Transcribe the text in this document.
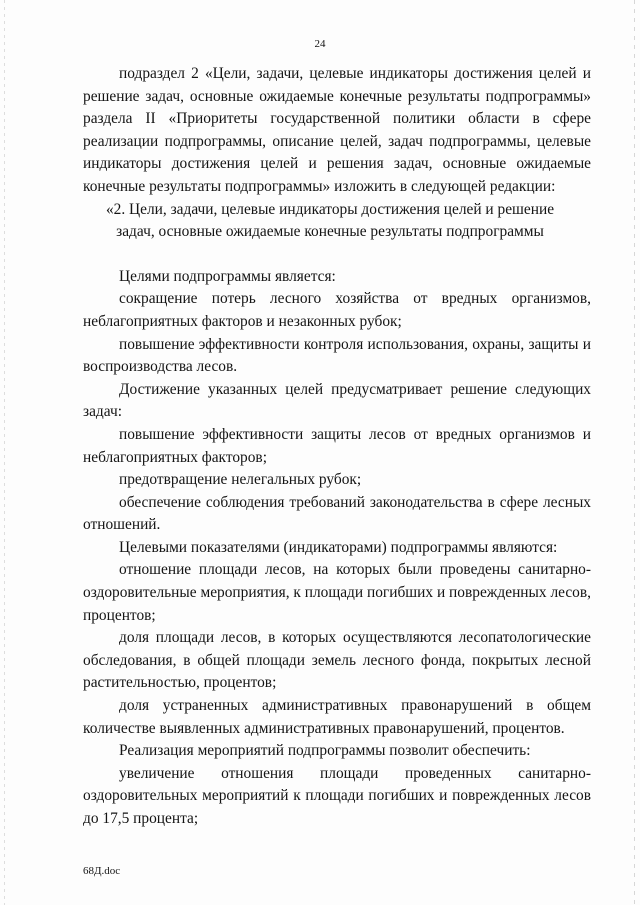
24

подраздел 2 «Цели, задачи, целевые индикаторы достижения целей и решение задач, основные ожидаемые конечные результаты подпрограммы» раздела II «Приоритеты государственной политики области в сфере реализации подпрограммы, описание целей, задач подпрограммы, целевые индикаторы достижения целей и решения задач, основные ожидаемые конечные результаты подпрограммы» изложить в следующей редакции:

«2. Цели, задачи, целевые индикаторы достижения целей и решение задач, основные ожидаемые конечные результаты подпрограммы

Целями подпрограммы является:

сокращение потерь лесного хозяйства от вредных организмов, неблагоприятных факторов и незаконных рубок;

повышение эффективности контроля использования, охраны, защиты и воспроизводства лесов.

Достижение указанных целей предусматривает решение следующих задач:

повышение эффективности защиты лесов от вредных организмов и неблагоприятных факторов;

предотвращение нелегальных рубок;

обеспечение соблюдения требований законодательства в сфере лесных отношений.

Целевыми показателями (индикаторами) подпрограммы являются:

отношение площади лесов, на которых были проведены санитарно-оздоровительные мероприятия, к площади погибших и поврежденных лесов, процентов;

доля площади лесов, в которых осуществляются лесопатологические обследования, в общей площади земель лесного фонда, покрытых лесной растительностью, процентов;

доля устраненных административных правонарушений в общем количестве выявленных административных правонарушений, процентов.

Реализация мероприятий подпрограммы позволит обеспечить:

увеличение отношения площади проведенных санитарно-оздоровительных мероприятий к площади погибших и поврежденных лесов до 17,5 процента;

68Д.doc
